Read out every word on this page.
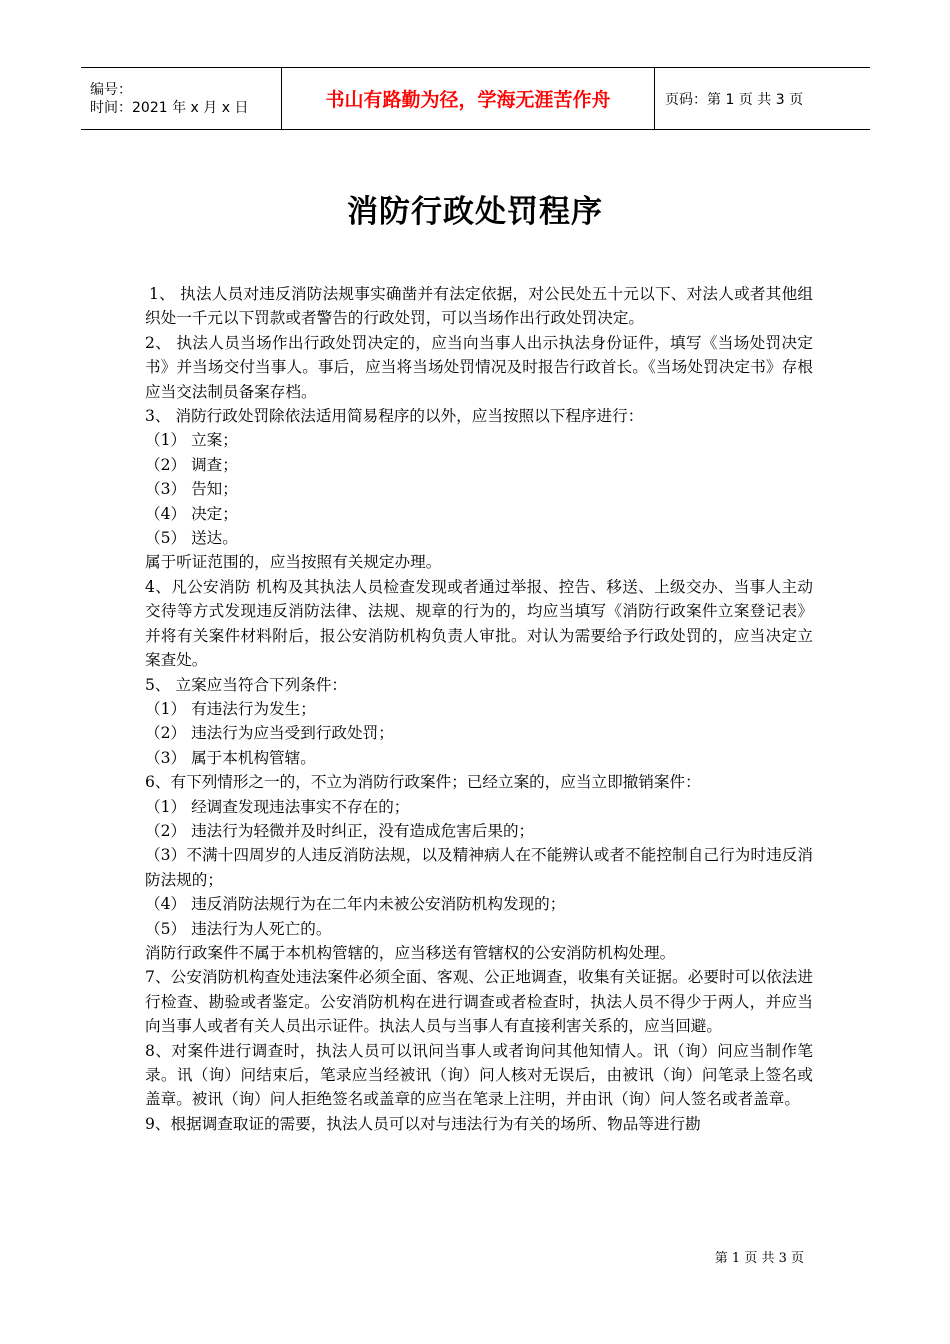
编号：
时间：2021 年 x 月 x 日	书山有路勤为径，学海无涯苦作舟	页码：第 1 页 共 3 页
消防行政处罚程序

1、 执法人员对违反消防法规事实确凿并有法定依据，对公民处五十元以下、对法人或者其他组织处一千元以下罚款或者警告的行政处罚，可以当场作出行政处罚决定。

2、 执法人员当场作出行政处罚决定的，应当向当事人出示执法身份证件，填写《当场处罚决定书》并当场交付当事人。事后，应当将当场处罚情况及时报告行政首长。《当场处罚决定书》存根应当交法制员备案存档。

3、 消防行政处罚除依法适用简易程序的以外，应当按照以下程序进行：

（1） 立案；

（2） 调查；

（3） 告知；

（4） 决定；

（5） 送达。

属于听证范围的，应当按照有关规定办理。

4、凡公安消防 机构及其执法人员检查发现或者通过举报、控告、移送、上级交办、当事人主动交待等方式发现违反消防法律、法规、规章的行为的，均应当填写《消防行政案件立案登记表》并将有关案件材料附后，报公安消防机构负责人审批。对认为需要给予行政处罚的，应当决定立案查处。

5、 立案应当符合下列条件：

（1） 有违法行为发生；

（2） 违法行为应当受到行政处罚；

（3） 属于本机构管辖。

6、有下列情形之一的，不立为消防行政案件；已经立案的，应当立即撤销案件：

（1） 经调查发现违法事实不存在的；

（2） 违法行为轻微并及时纠正，没有造成危害后果的；

（3）不满十四周岁的人违反消防法规，以及精神病人在不能辨认或者不能控制自己行为时违反消防法规的；

（4） 违反消防法规行为在二年内未被公安消防机构发现的；

（5） 违法行为人死亡的。

消防行政案件不属于本机构管辖的，应当移送有管辖权的公安消防机构处理。

7、公安消防机构查处违法案件必须全面、客观、公正地调查，收集有关证据。必要时可以依法进行检查、勘验或者鉴定。公安消防机构在进行调查或者检查时，执法人员不得少于两人，并应当向当事人或者有关人员出示证件。执法人员与当事人有直接利害关系的，应当回避。

8、对案件进行调查时，执法人员可以讯问当事人或者询问其他知情人。讯（询）问应当制作笔录。讯（询）问结束后，笔录应当经被讯（询）问人核对无误后，由被讯（询）问笔录上签名或盖章。被讯（询）问人拒绝签名或盖章的应当在笔录上注明，并由讯（询）问人签名或者盖章。

9、根据调查取证的需要，执法人员可以对与违法行为有关的场所、物品等进行勘

第 1 页 共 3 页
